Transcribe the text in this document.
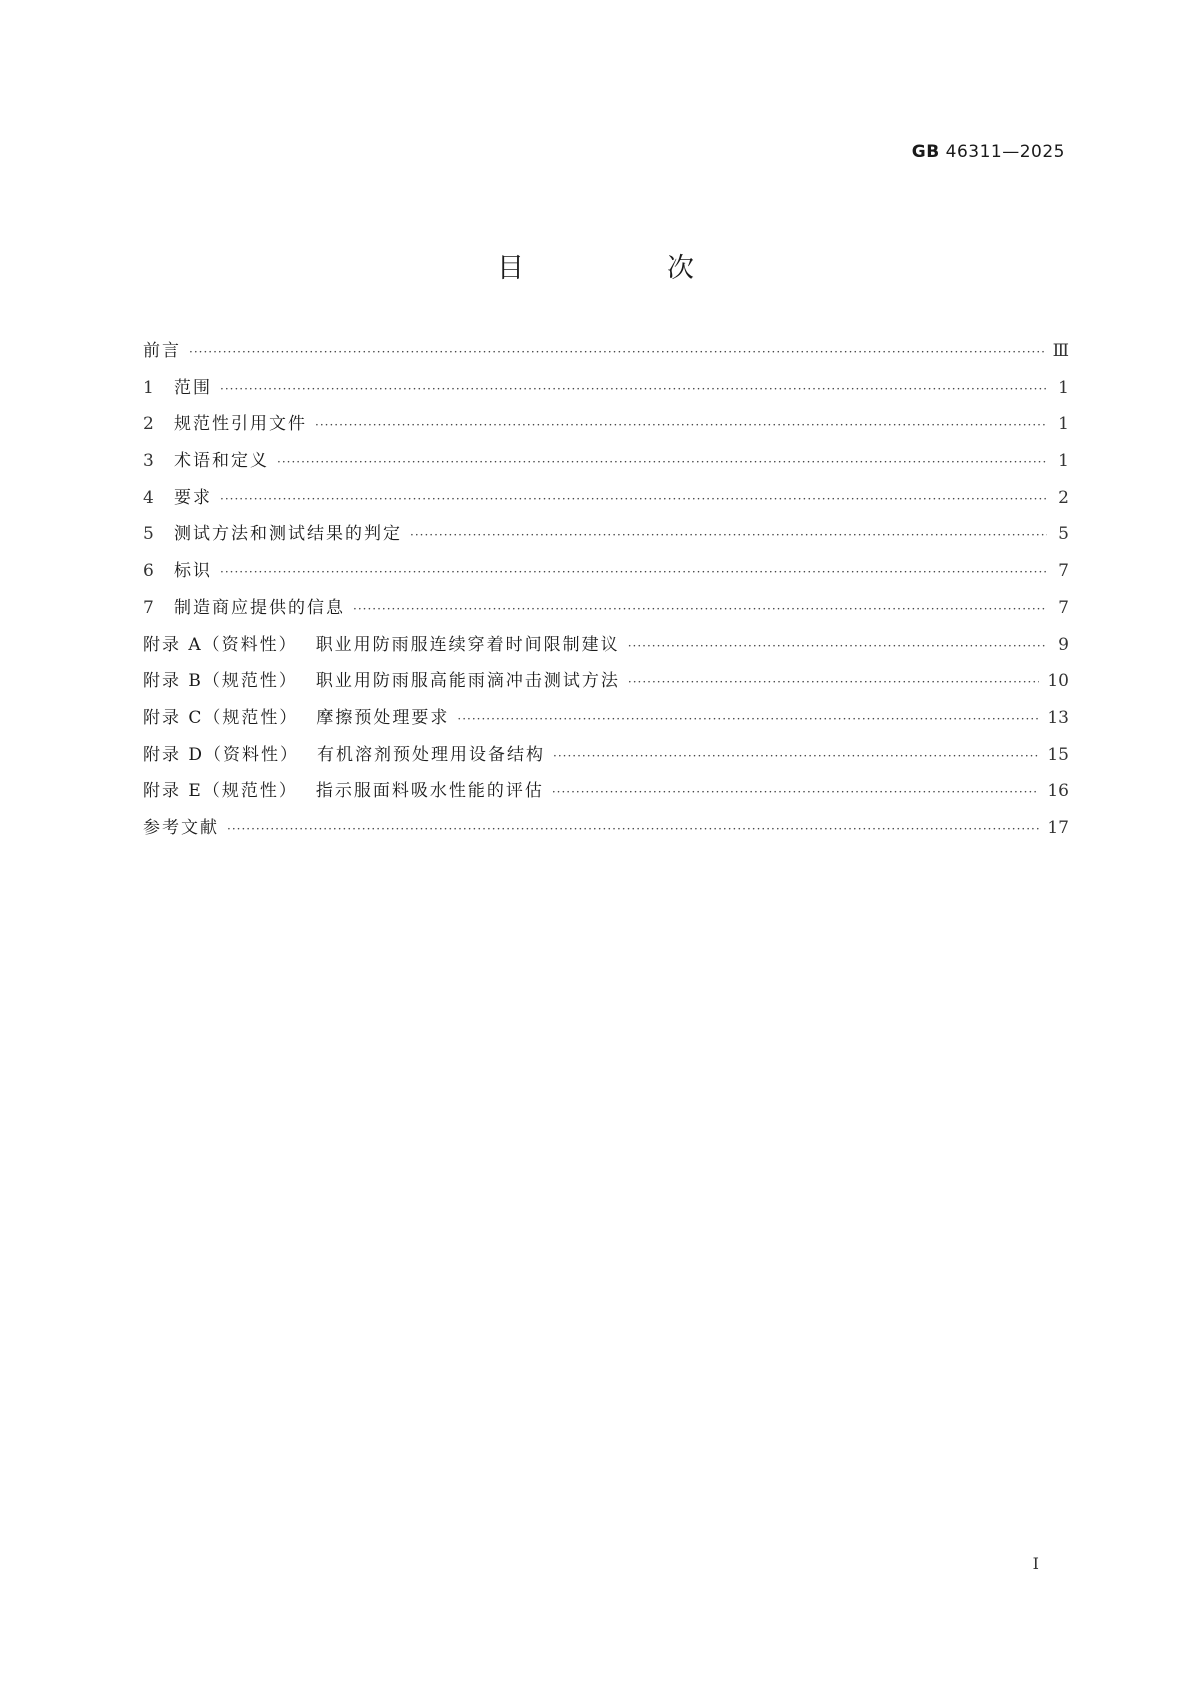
GB 46311—2025
目　次
前言 ·····	Ⅲ
1	范围 ·····	1
2	规范性引用文件 ·····	1
3	术语和定义 ·····	1
4	要求 ·····	2
5	测试方法和测试结果的判定 ·····	5
6	标识 ·····	7
7	制造商应提供的信息 ·····	7
附录 A（资料性） 职业用防雨服连续穿着时间限制建议 ·····	9
附录 B（规范性） 职业用防雨服高能雨滴冲击测试方法 ·····	10
附录 C（规范性） 摩擦预处理要求 ·····	13
附录 D（资料性） 有机溶剂预处理用设备结构 ·····	15
附录 E（规范性） 指示服面料吸水性能的评估 ·····	16
参考文献 ·····	17
Ⅰ
